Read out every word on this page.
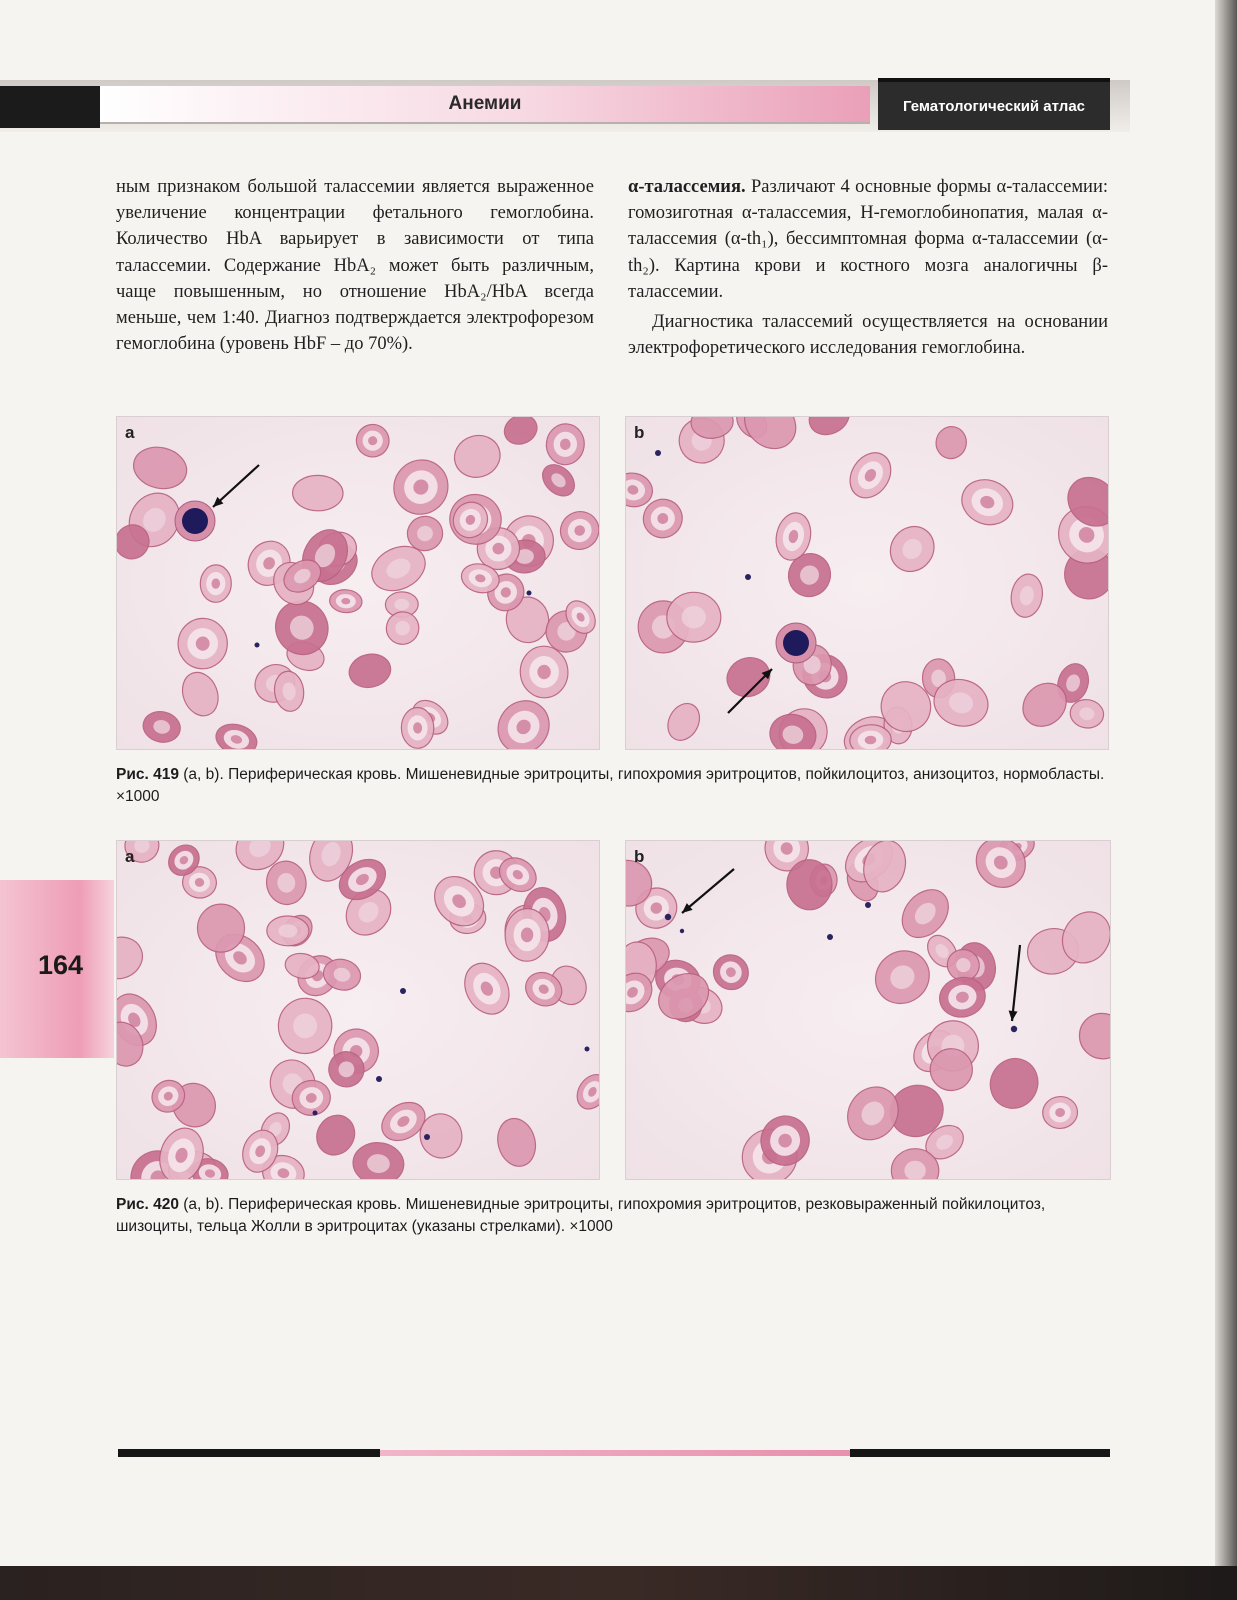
Анемии	Гематологический атлас

ным признаком большой талассемии является выраженное увеличение концентрации фетального гемоглобина. Количество HbA варьирует в зависимости от типа талассемии. Содержание HbA₂ может быть различным, чаще повышенным, но отношение HbA₂/HbA всегда меньше, чем 1:40. Диагноз подтверждается электрофорезом гемоглобина (уровень HbF – до 70%).

α-талассемия. Различают 4 основные формы α-талассемии: гомозиготная α-талассемия, H-гемоглобинопатия, малая α-талассемия (α-th₁), бессимптомная форма α-талассемии (α-th₂). Картина крови и костного мозга аналогичны β-талассемии.

Диагностика талассемий осуществляется на основании электрофоретического исследования гемоглобина.

a	b
Рис. 419 (a, b). Периферическая кровь. Мишеневидные эритроциты, гипохромия эритроцитов, пойкилоцитоз, анизоцитоз, нормобласты. ×1000
164
a	b
Рис. 420 (a, b). Периферическая кровь. Мишеневидные эритроциты, гипохромия эритроцитов, резковыраженный пойкилоцитоз, шизоциты, тельца Жолли в эритроцитах (указаны стрелками). ×1000
